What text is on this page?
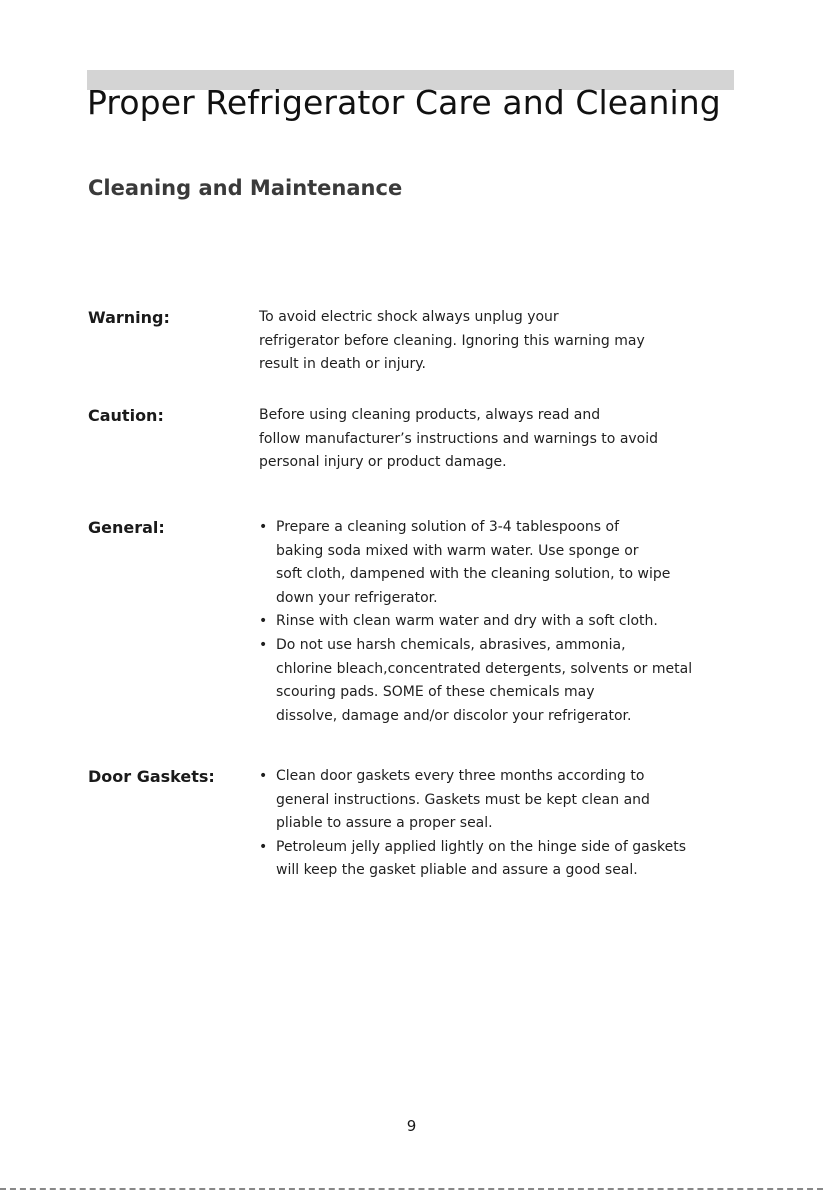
Proper Refrigerator Care and Cleaning
Cleaning and Maintenance
Warning:	To avoid electric shock always unplug your
refrigerator before cleaning. Ignoring this warning may
result in death or injury.

Caution:	Before using cleaning products, always read and
follow manufacturer’s instructions and warnings to avoid
personal injury or product damage.

General:	• Prepare a cleaning solution of 3-4 tablespoons of
baking soda mixed with warm water. Use sponge or
soft cloth, dampened with the cleaning solution, to wipe
down your refrigerator.
• Rinse with clean warm water and dry with a soft cloth.
• Do not use harsh chemicals, abrasives, ammonia,
chlorine bleach,concentrated detergents, solvents or metal
scouring pads. SOME of these chemicals may
dissolve, damage and/or discolor your refrigerator.
Door Gaskets:	• Clean door gaskets every three months according to
general instructions. Gaskets must be kept clean and
pliable to assure a proper seal.
• Petroleum jelly applied lightly on the hinge side of gaskets
will keep the gasket pliable and assure a good seal.
9
